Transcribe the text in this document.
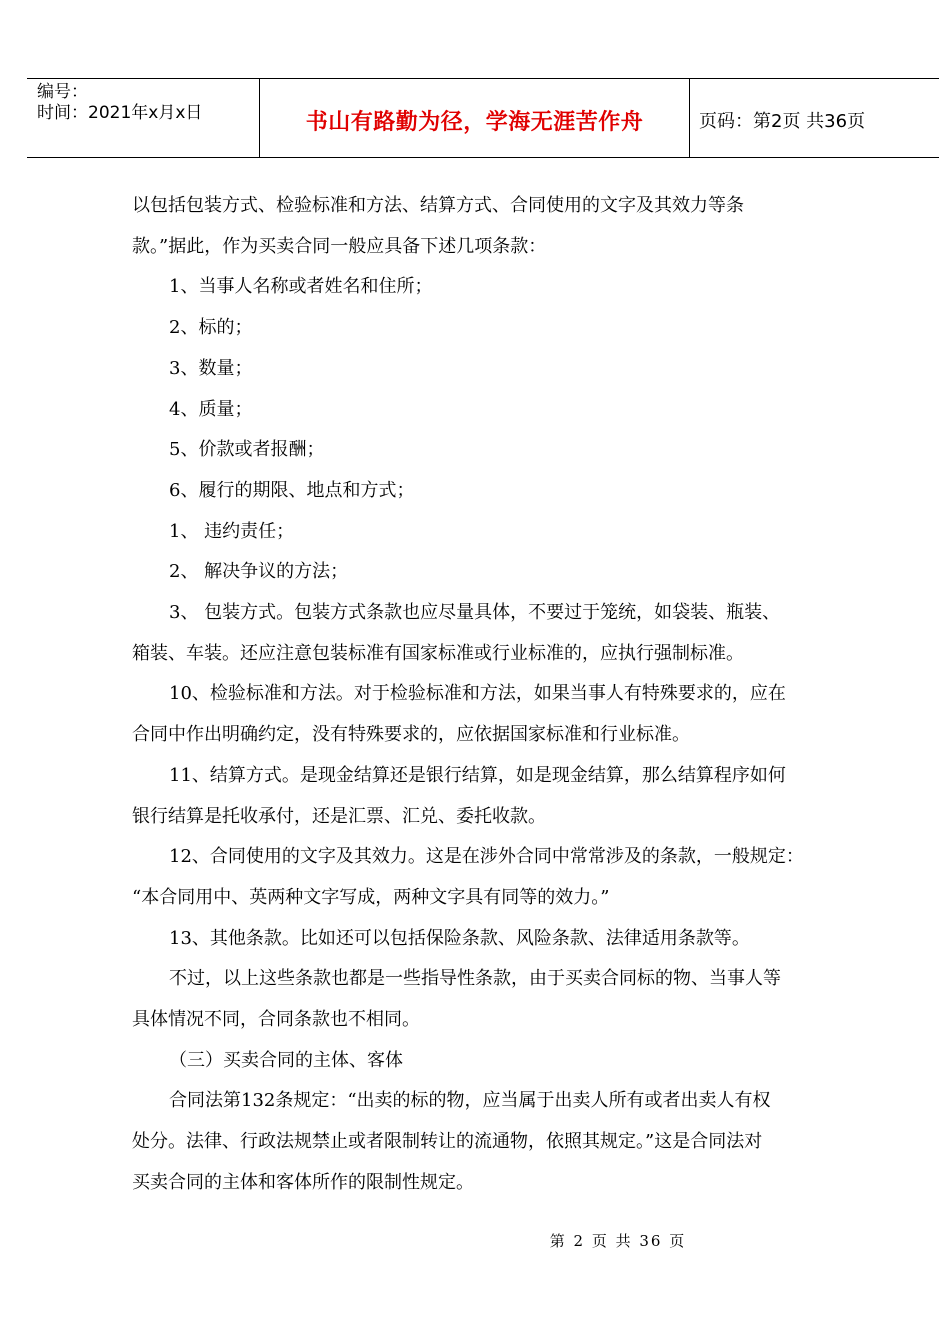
编号：
时间：2021年x月x日	书山有路勤为径，学海无涯苦作舟	页码：第2页 共36页

以包括包装方式、检验标准和方法、结算方式、合同使用的文字及其效力等条

款。”据此，作为买卖合同一般应具备下述几项条款：

1、当事人名称或者姓名和住所；

2、标的；

3、数量；

4、质量；

5、价款或者报酬；

6、履行的期限、地点和方式；

1、 违约责任；

2、 解决争议的方法；

3、 包装方式。包装方式条款也应尽量具体，不要过于笼统，如袋装、瓶装、

箱装、车装。还应注意包装标准有国家标准或行业标准的，应执行强制标准。

10、检验标准和方法。对于检验标准和方法，如果当事人有特殊要求的，应在

合同中作出明确约定，没有特殊要求的，应依据国家标准和行业标准。

11、结算方式。是现金结算还是银行结算，如是现金结算，那么结算程序如何

银行结算是托收承付，还是汇票、汇兑、委托收款。

12、合同使用的文字及其效力。这是在涉外合同中常常涉及的条款，一般规定：

“本合同用中、英两种文字写成，两种文字具有同等的效力。”

13、其他条款。比如还可以包括保险条款、风险条款、法律适用条款等。

不过，以上这些条款也都是一些指导性条款，由于买卖合同标的物、当事人等

具体情况不同，合同条款也不相同。

（三）买卖合同的主体、客体

合同法第132条规定：“出卖的标的物，应当属于出卖人所有或者出卖人有权

处分。法律、行政法规禁止或者限制转让的流通物，依照其规定。”这是合同法对

买卖合同的主体和客体所作的限制性规定。

第 2 页 共 36 页
